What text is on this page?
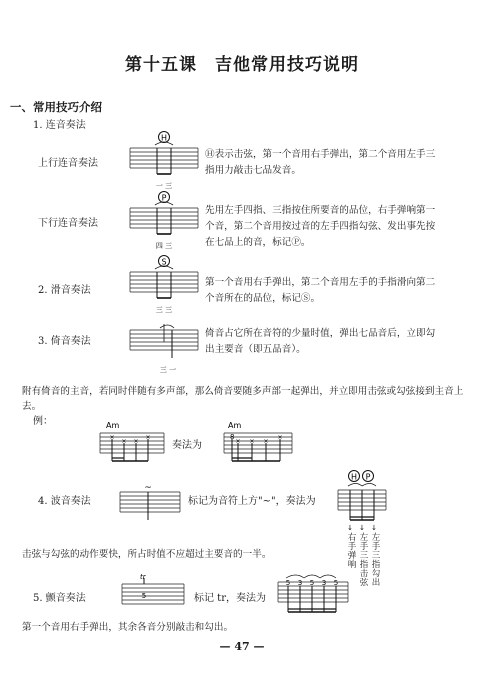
第十五课　吉他常用技巧说明
一、常用技巧介绍
1. 连音奏法
上行连音奏法
H
一 三
Ⓗ表示击弦，第一个音用右手弹出，第二个音用左手三指用力敲击七品发音。
下行连音奏法
P
四 三
先用左手四指、三指按住所要音的品位，右手弹响第一个音，第二个音用按过音的左手四指勾弦、发出事先按在七品上的音，标记Ⓟ。
2. 滑音奏法
S
三 三
第一个音用右手弹出，第二个音用左手的手指滑向第二个音所在的品位，标记Ⓢ。
3. 倚音奏法
三 一
倚音占它所在音符的少量时值，弹出七品音后，立即勾出主要音（即五品音）。
附有倚音的主音，若同时伴随有多声部，那么倚音要随多声部一起弹出，并立即用击弦或勾弦接到主音上去。
例：	Am
×
× ×
×
奏法为
Am
8
× × ×
×
4. 波音奏法
~
标记为音符上方"~"，奏法为
H P
↓ ↓ ↓
右手弹响
左手三指击弦
左手三指勾出
击弦与勾弦的动作要快，所占时值不应超过主要音的一半。
5. 颤音奏法
tr
5	标记 tr，奏法为
5 3 5 3 5
第一个音用右手弹出，其余各音分别敲击和勾出。
— 47 —
